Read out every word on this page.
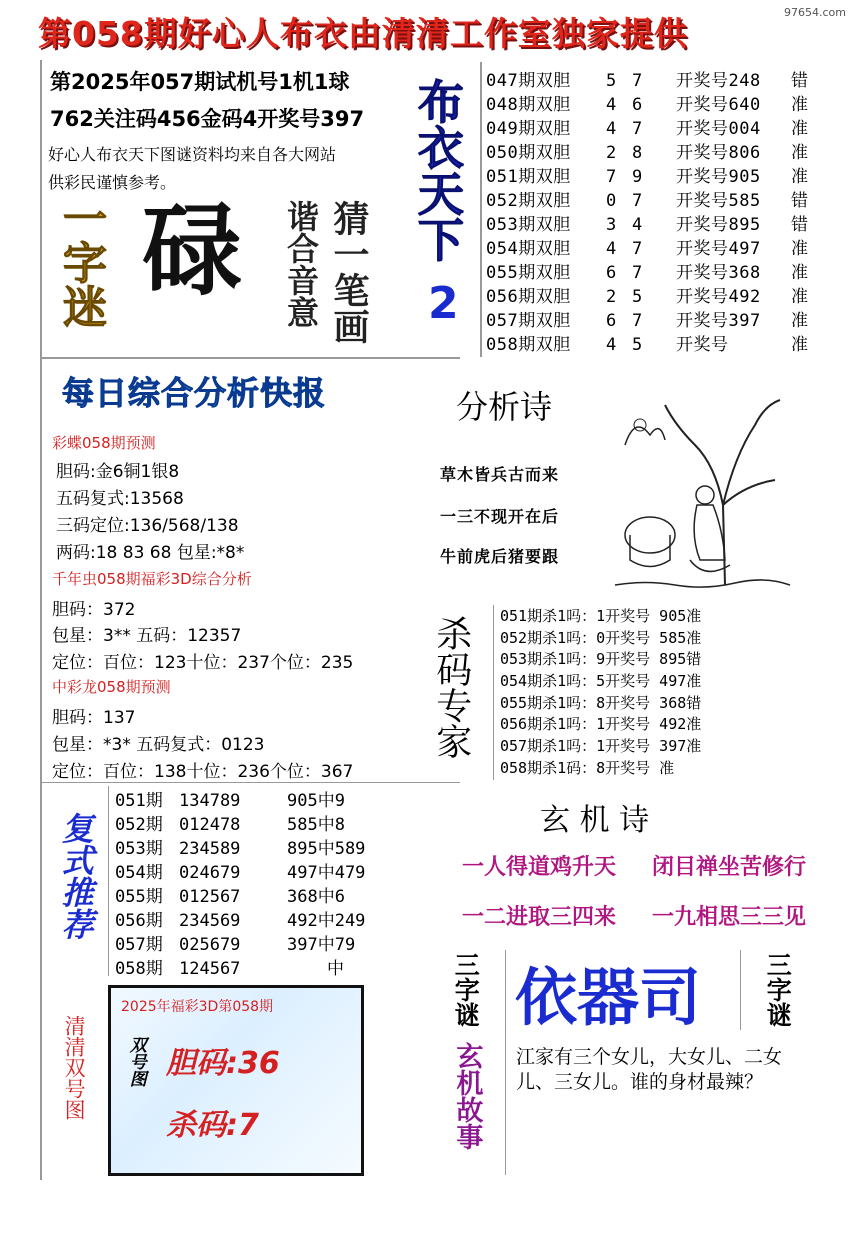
97654.com
第058期好心人布衣由清清工作室独家提供
第2025年057期试机号1机1球
762关注码456金码4开奖号397
好心人布衣天下图谜资料均来自各大网站
供彩民谨慎参考。
一字迷 碌 猜一笔画
谐合音意
布衣天下
2
047期双胆 5 7 开奖号248 错
048期双胆 4 6 开奖号640 准
049期双胆 4 7 开奖号004 准
050期双胆 2 8 开奖号806 准
051期双胆 7 9 开奖号905 准
052期双胆 0 7 开奖号585 错
053期双胆 3 4 开奖号895 错
054期双胆 4 7 开奖号497 准
055期双胆 6 7 开奖号368 准
056期双胆 2 5 开奖号492 准
057期双胆 6 7 开奖号397 准
058期双胆 4 5 开奖号	准
每日综合分析快报
彩蝶058期预测
胆码:金6铜1银8
五码复式:13568
三码定位:136/568/138
两码:18 83 68 包星:*8*
千年虫058期福彩3D综合分析
胆码：372
包星：3** 五码：12357
定位：百位：123十位：237个位：235
中彩龙058期预测
胆码：137
包星：*3* 五码复式：0123
定位：百位：138十位：236个位：367
分析诗
草木皆兵古而来
一三不现开在后
牛前虎后猪要跟
杀码专家 051期杀1吗：1开奖号 905准
052期杀1吗：0开奖号 585准
053期杀1吗：9开奖号 895错
054期杀1吗：5开奖号 497准
055期杀1吗：8开奖号 368错
056期杀1吗：1开奖号 492准
057期杀1吗：1开奖号 397准
058期杀1码：8开奖号 准
复式推荐
051期 134789	905中9
052期 012478	585中8
053期 234589	895中589
054期 024679	497中479
055期 012567	368中6
056期 234569	492中249
057期 025679	397中79
058期 124567	中
玄 机 诗
一人得道鸡升天 闭目禅坐苦修行
一二进取三四来 一九相思三三见
清清双号图
2025年福彩3D第058期
双号图 胆码:36
杀码:7
三字谜	三字谜
依器司
玄机故事 江家有三个女儿，大女儿、二女儿、三女儿。谁的身材最辣？
